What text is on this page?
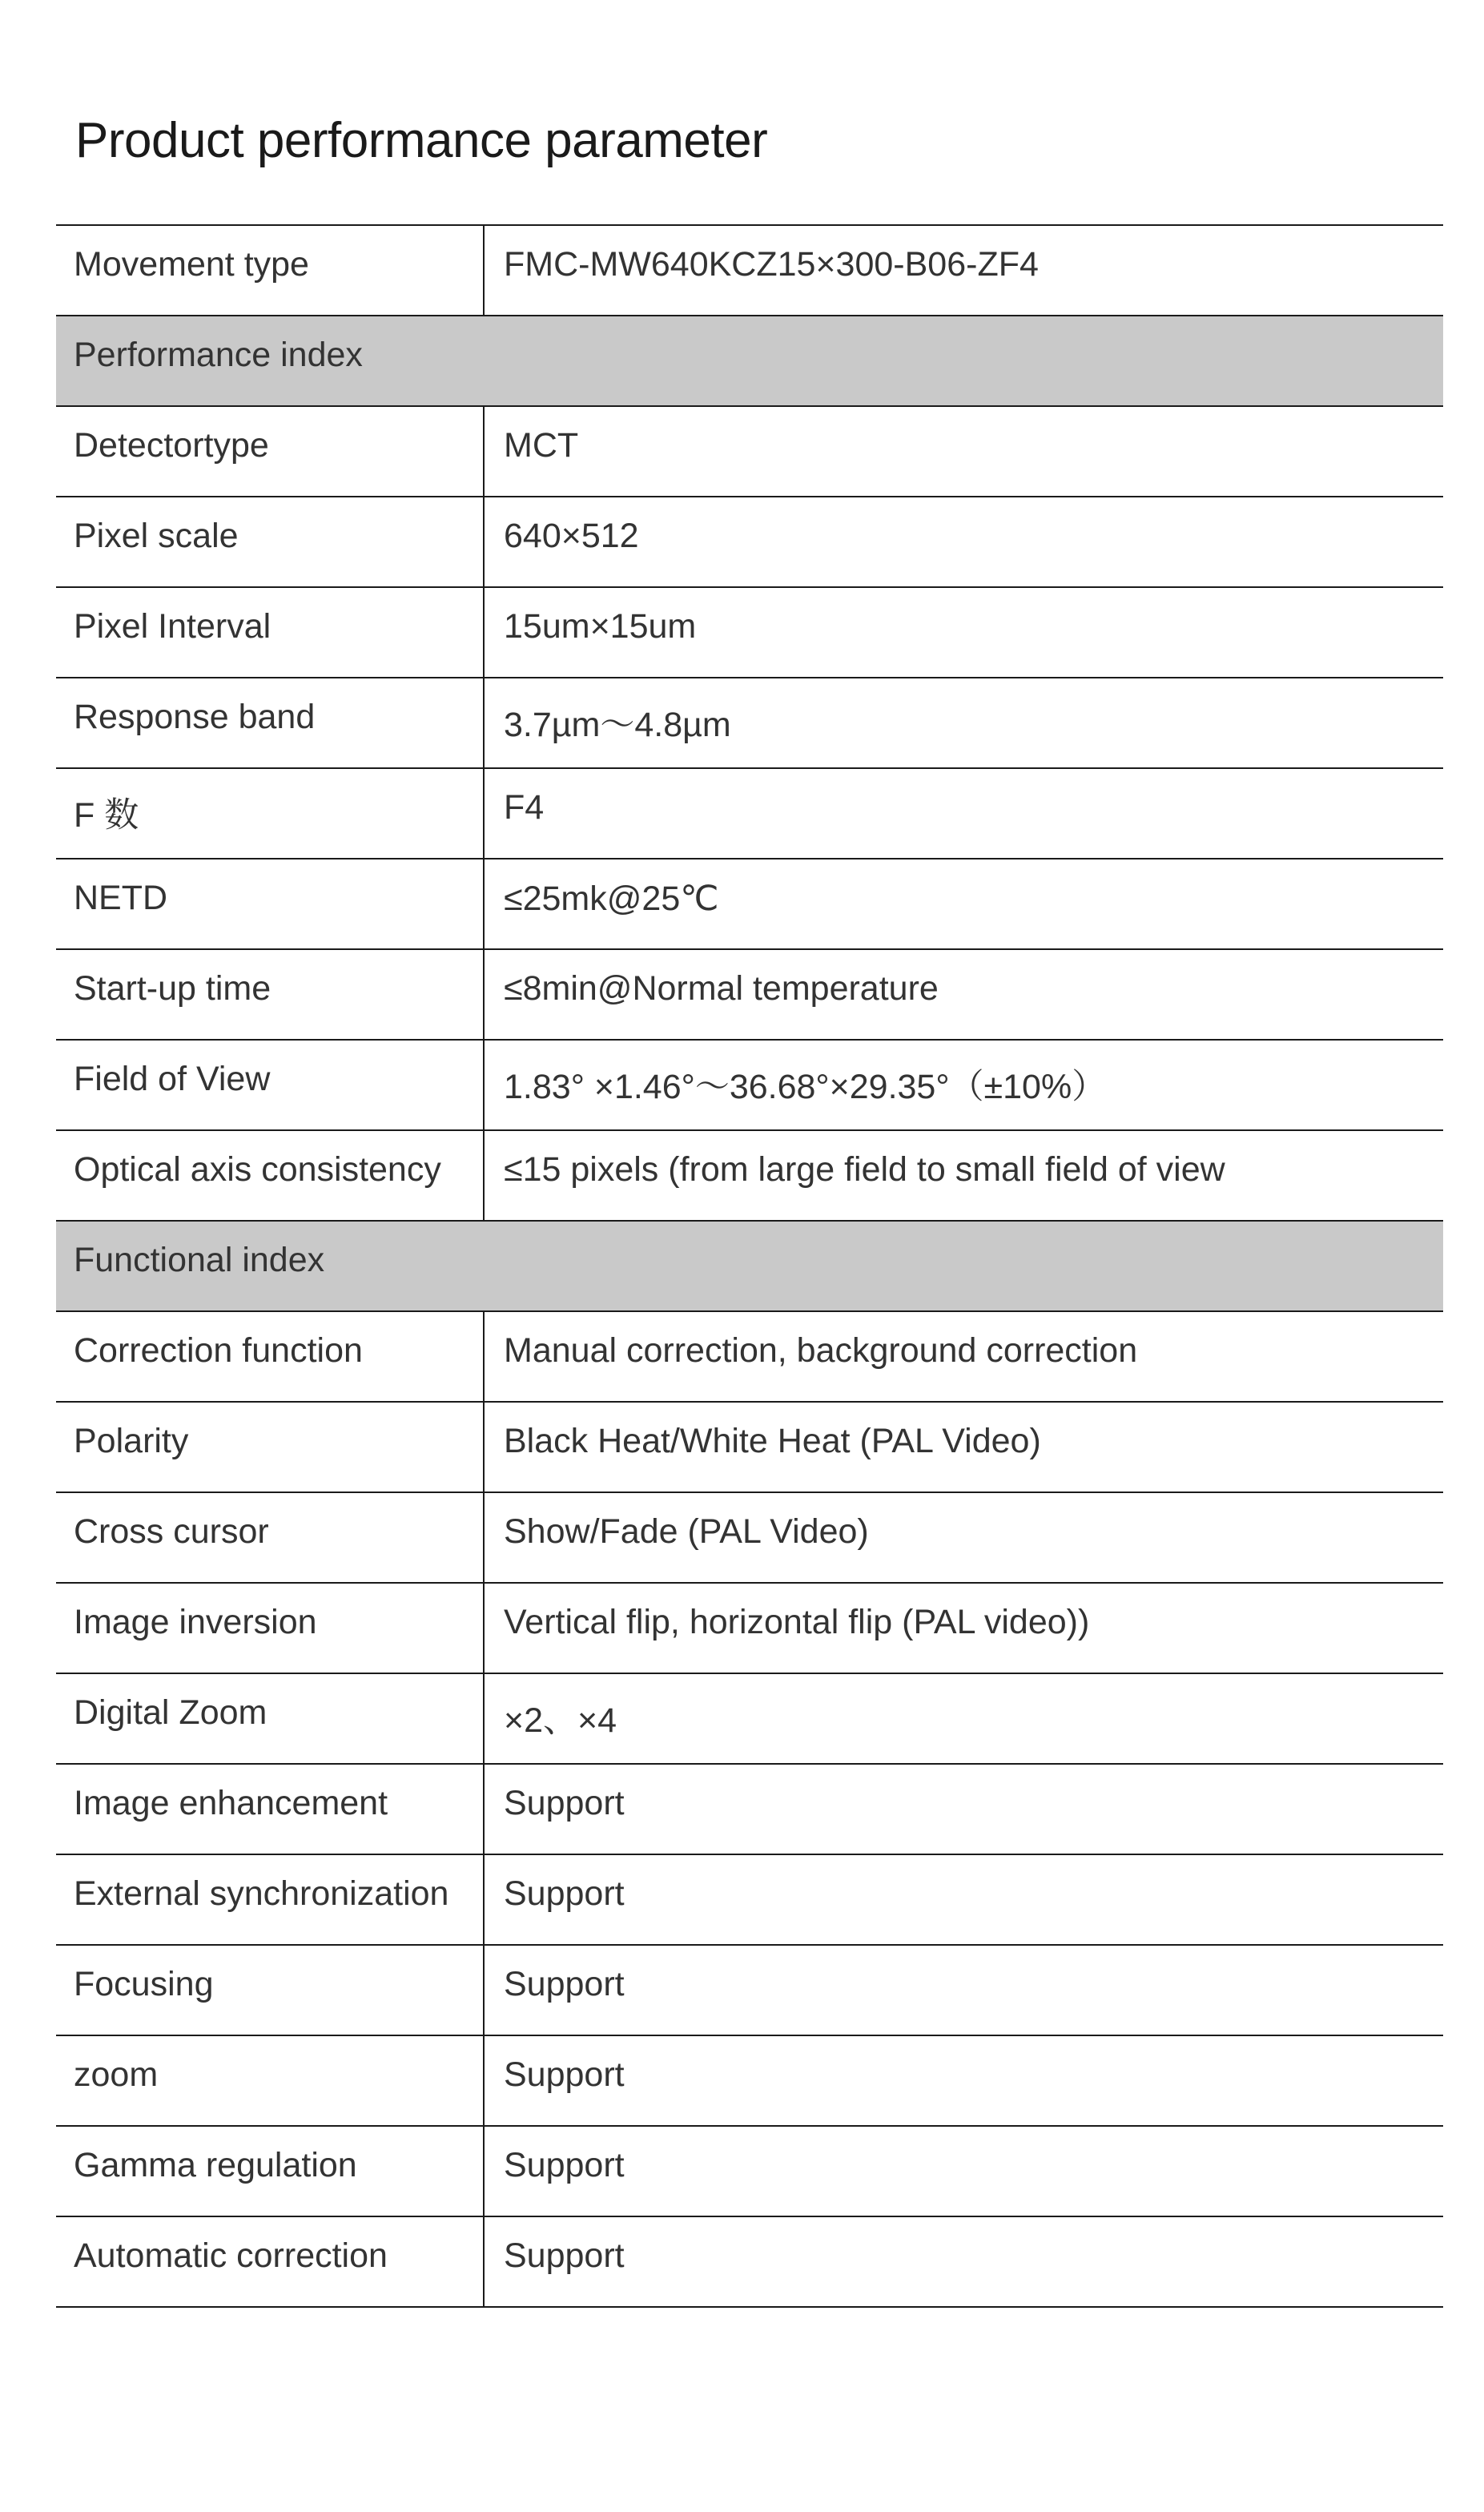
Product performance parameter
Movement type	FMC-MW640KCZ15×300-B06-ZF4
Performance index	
Detectortype	MCT
Pixel scale	640×512
Pixel Interval	15um×15um
Response band	3.7µm～4.8µm
F 数	F4
NETD	≤25mk@25℃
Start-up time	≤8min@Normal temperature
Field of View	1.83° ×1.46°～36.68°×29.35°（±10%）
Optical axis consistency	≤15 pixels (from large field to small field of view
Functional index	
Correction function	Manual correction, background correction
Polarity	Black Heat/White Heat (PAL Video)
Cross cursor	Show/Fade (PAL Video)
Image inversion	Vertical flip, horizontal flip (PAL video))
Digital Zoom	×2、×4
Image enhancement	Support
External synchronization	Support
Focusing	Support
zoom	Support
Gamma regulation	Support
Automatic correction	Support
